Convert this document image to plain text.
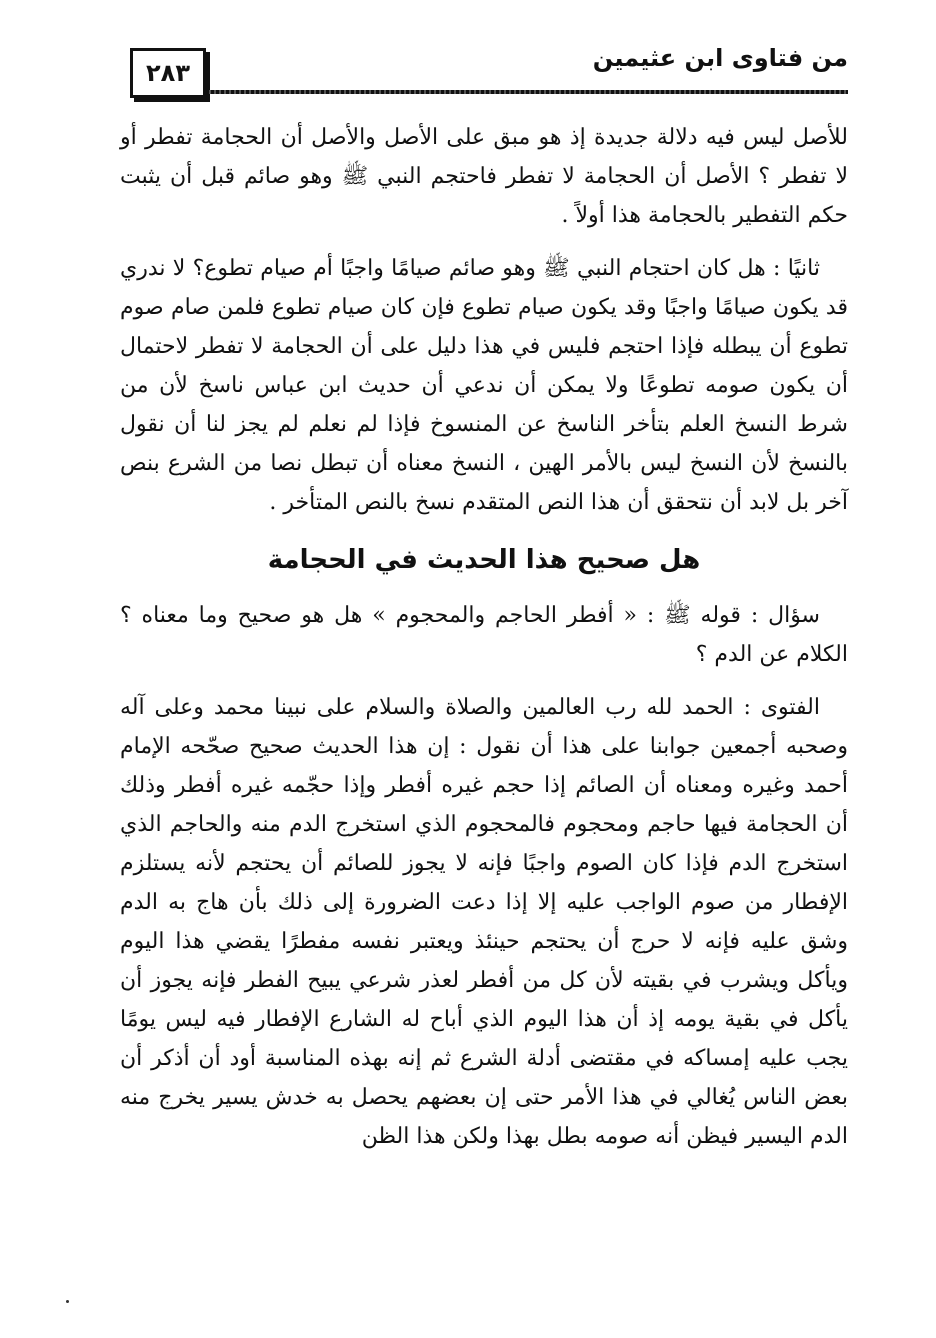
٢٨٣
من فتاوى ابن عثيمين

للأصل ليس فيه دلالة جديدة إذ هو مبق على الأصل والأصل أن الحجامة تفطر أو لا تفطر ؟ الأصل أن الحجامة لا تفطر فاحتجم النبي ﷺ وهو صائم قبل أن يثبت حكم التفطير بالحجامة هذا أولاً .

ثانيًا : هل كان احتجام النبي ﷺ وهو صائم صيامًا واجبًا أم صيام تطوع؟ لا ندري قد يكون صيامًا واجبًا وقد يكون صيام تطوع فإن كان صيام تطوع فلمن صام صوم تطوع أن يبطله فإذا احتجم فليس في هذا دليل على أن الحجامة لا تفطر لاحتمال أن يكون صومه تطوعًا ولا يمكن أن ندعي أن حديث ابن عباس ناسخ لأن من شرط النسخ العلم بتأخر الناسخ عن المنسوخ فإذا لم نعلم لم يجز لنا أن نقول بالنسخ لأن النسخ ليس بالأمر الهين ، النسخ معناه أن تبطل نصا من الشرع بنص آخر بل لابد أن نتحقق أن هذا النص المتقدم نسخ بالنص المتأخر .

هل صحيح هذا الحديث في الحجامة

سؤال : قوله ﷺ : « أفطر الحاجم والمحجوم » هل هو صحيح وما معناه ؟ الكلام عن الدم ؟

الفتوى : الحمد لله رب العالمين والصلاة والسلام على نبينا محمد وعلى آله وصحبه أجمعين جوابنا على هذا أن نقول : إن هذا الحديث صحيح صحّحه الإمام أحمد وغيره ومعناه أن الصائم إذا حجم غيره أفطر وإذا حجّمه غيره أفطر وذلك أن الحجامة فيها حاجم ومحجوم فالمحجوم الذي استخرج الدم منه والحاجم الذي استخرج الدم فإذا كان الصوم واجبًا فإنه لا يجوز للصائم أن يحتجم لأنه يستلزم الإفطار من صوم الواجب عليه إلا إذا دعت الضرورة إلى ذلك بأن هاج به الدم وشق عليه فإنه لا حرج أن يحتجم حينئذ ويعتبر نفسه مفطرًا يقضي هذا اليوم ويأكل ويشرب في بقيته لأن كل من أفطر لعذر شرعي يبيح الفطر فإنه يجوز أن يأكل في بقية يومه إذ أن هذا اليوم الذي أباح له الشارع الإفطار فيه ليس يومًا يجب عليه إمساكه في مقتضى أدلة الشرع ثم إنه بهذه المناسبة أود أن أذكر أن بعض الناس يُغالي في هذا الأمر حتى إن بعضهم يحصل به خدش يسير يخرج منه الدم اليسير فيظن أنه صومه بطل بهذا ولكن هذا الظن
